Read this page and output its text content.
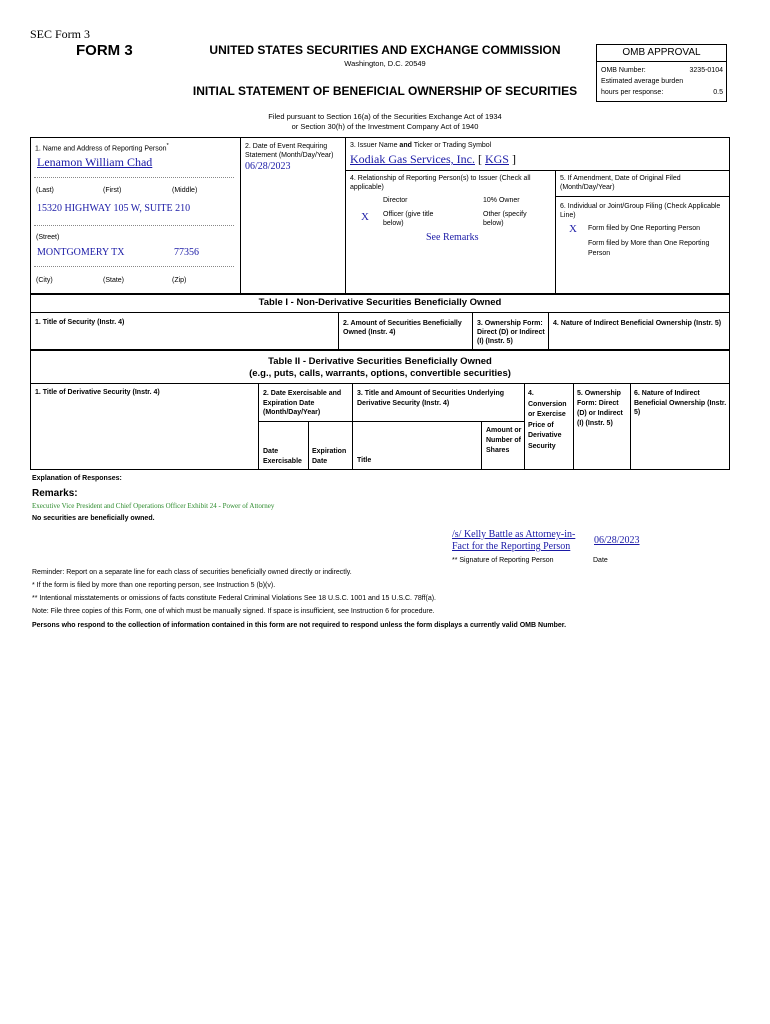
SEC Form 3
FORM 3	UNITED STATES SECURITIES AND EXCHANGE COMMISSION
Washington, D.C. 20549
INITIAL STATEMENT OF BENEFICIAL OWNERSHIP OF SECURITIES
Filed pursuant to Section 16(a) of the Securities Exchange Act of 1934
or Section 30(h) of the Investment Company Act of 1940
OMB APPROVAL
OMB Number:	3235-0104
Estimated average burden
hours per response:	0.5
1. Name and Address of Reporting Person*
Lenamon William Chad
(Last)	(First)	(Middle)
15320 HIGHWAY 105 W, SUITE 210
(Street)
MONTGOMERY TX	77356
(City)	(State)	(Zip)
2. Date of Event Requiring Statement (Month/Day/Year)
06/28/2023
3. Issuer Name and Ticker or Trading Symbol
Kodiak Gas Services, Inc. [ KGS ]
4. Relationship of Reporting Person(s) to Issuer (Check all applicable)
Director	10% Owner
X Officer (give title below)
Other (specify below)
See Remarks
5. If Amendment, Date of Original Filed (Month/Day/Year)
6. Individual or Joint/Group Filing (Check Applicable Line)
X Form filed by One Reporting Person
Form filed by More than One Reporting Person
Table I - Non-Derivative Securities Beneficially Owned
1. Title of Security (Instr. 4)	2. Amount of Securities Beneficially Owned (Instr. 4)
3. Ownership Form: Direct (D) or Indirect (I) (Instr. 5)
4. Nature of Indirect Beneficial Ownership (Instr. 5)
Table II - Derivative Securities Beneficially Owned
(e.g., puts, calls, warrants, options, convertible securities)
1. Title of Derivative Security (Instr. 4)	2. Date Exercisable and Expiration Date (Month/Day/Year)
3. Title and Amount of Securities Underlying Derivative Security (Instr. 4)
4. Conversion or Exercise Price of Derivative Security
5. Ownership Form: Direct (D) or Indirect (I) (Instr. 5)
6. Nature of Indirect Beneficial Ownership (Instr. 5)
Date Exercisable
Expiration Date	Title
Amount or Number of Shares
Explanation of Responses:
Remarks:
Executive Vice President and Chief Operations Officer Exhibit 24 - Power of Attorney
No securities are beneficially owned.
/s/ Kelly Battle as Attorney-in-Fact for the Reporting Person
06/28/2023
** Signature of Reporting Person	Date
Reminder: Report on a separate line for each class of securities beneficially owned directly or indirectly.
* If the form is filed by more than one reporting person, see Instruction 5 (b)(v).
** Intentional misstatements or omissions of facts constitute Federal Criminal Violations See 18 U.S.C. 1001 and 15 U.S.C. 78ff(a).
Note: File three copies of this Form, one of which must be manually signed. If space is insufficient, see Instruction 6 for procedure.
Persons who respond to the collection of information contained in this form are not required to respond unless the form displays a currently valid OMB Number.
